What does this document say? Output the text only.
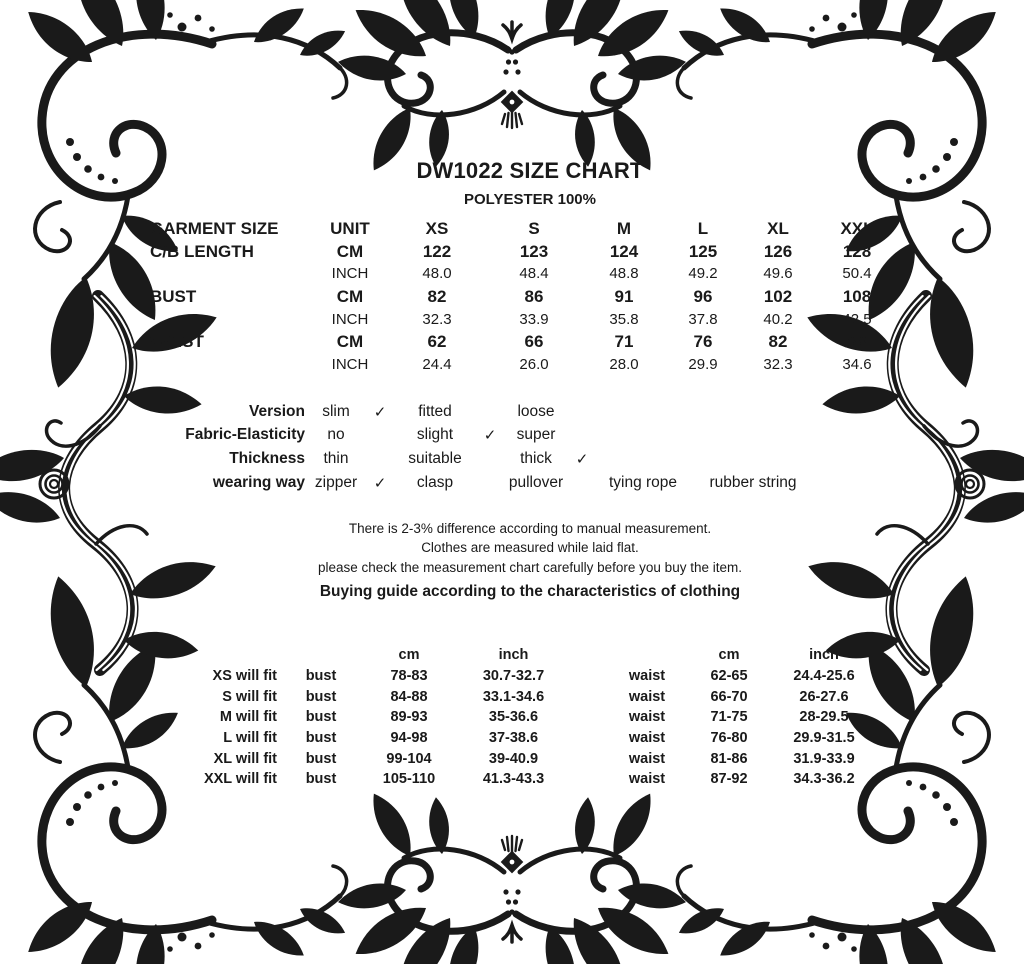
DW1022 SIZE CHART
POLYESTER 100%
GARMENT SIZE	UNIT	XS	S	M	L	XL	XXL
C/B LENGTH	CM	122	123	124	125	126	128
	INCH	48.0	48.4	48.8	49.2	49.6	50.4
BUST	CM	82	86	91	96	102	108
	INCH	32.3	33.9	35.8	37.8	40.2	42.5
WAIST	CM	62	66	71	76	82	88
	INCH	24.4	26.0	28.0	29.9	32.3	34.6
Version	slim	✓	fitted	loose
Fabric-Elasticity	no	slight	✓	super
Thickness	thin	suitable	thick	✓
wearing way zipper	✓	clasp	pullover	tying rope	rubber string
There is 2-3% difference according to manual measurement.
Clothes are measured while laid flat.
please check the measurement chart carefully before you buy the item.
Buying guide according to the characteristics of clothing
cm	inch
XS will fit	bust	78-83	30.7-32.7
S will fit	bust	84-88	33.1-34.6
M will fit	bust	89-93	35-36.6
L will fit	bust	94-98	37-38.6
XL will fit	bust	99-104	39-40.9
XXL will fit	bust	105-110	41.3-43.3
cm	inch
waist	62-65	24.4-25.6
waist	66-70	26-27.6
waist	71-75	28-29.5
waist	76-80	29.9-31.5
waist	81-86	31.9-33.9
waist	87-92	34.3-36.2
